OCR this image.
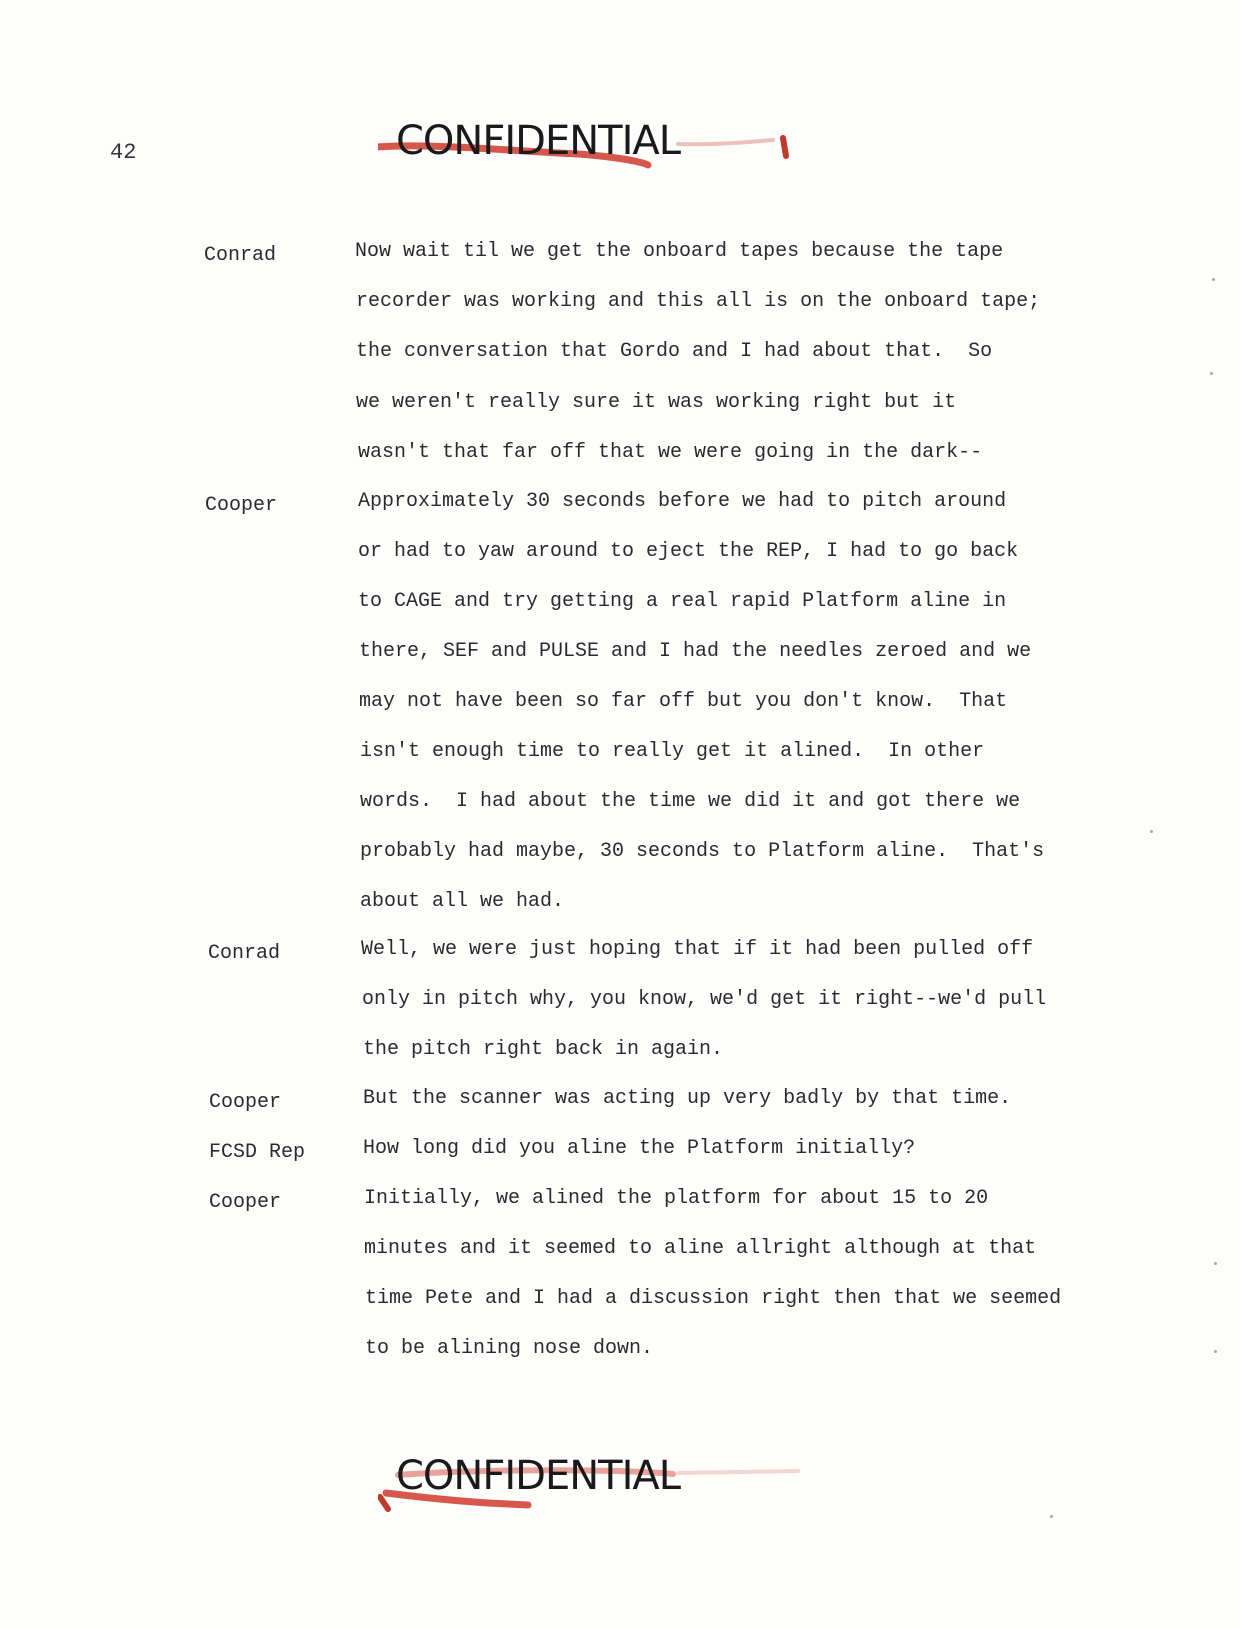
42	CONFIDENTIAL
Conrad	Now wait til we get the onboard tapes because the tape
recorder was working and this all is on the onboard tape;
the conversation that Gordo and I had about that.  So
we weren't really sure it was working right but it
wasn't that far off that we were going in the dark--
Cooper	Approximately 30 seconds before we had to pitch around
or had to yaw around to eject the REP, I had to go back
to CAGE and try getting a real rapid Platform aline in
there, SEF and PULSE and I had the needles zeroed and we
may not have been so far off but you don't know.  That
isn't enough time to really get it alined.  In other
words.  I had about the time we did it and got there we
probably had maybe, 30 seconds to Platform aline.  That's
about all we had.
Conrad	Well, we were just hoping that if it had been pulled off
only in pitch why, you know, we'd get it right--we'd pull
the pitch right back in again.
Cooper	But the scanner was acting up very badly by that time.
FCSD Rep	How long did you aline the Platform initially?
Cooper	Initially, we alined the platform for about 15 to 20
minutes and it seemed to aline allright although at that
time Pete and I had a discussion right then that we seemed
to be alining nose down.
CONFIDENTIAL
